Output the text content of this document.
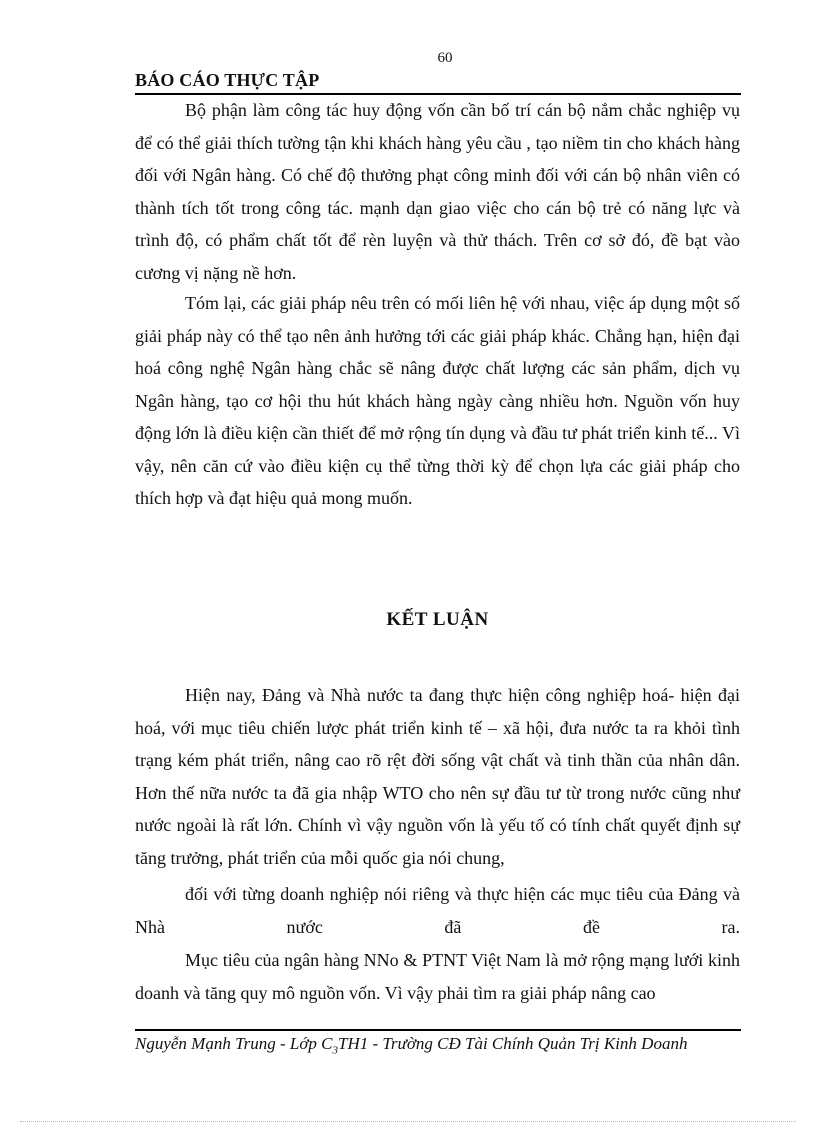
60
BÁO CÁO THỰC TẬP

Bộ phận làm công tác huy động vốn cần bố trí cán bộ nắm chắc nghiệp vụ để có thể giải thích tường tận khi khách hàng yêu cầu , tạo niềm tin cho khách hàng đối với Ngân hàng. Có chế độ thưởng phạt công minh đối với cán bộ nhân viên có thành tích tốt trong công tác. mạnh dạn giao việc cho cán bộ trẻ có năng lực và trình độ, có phẩm chất tốt để rèn luyện và thử thách. Trên cơ sở đó, đề bạt vào cương vị nặng nề hơn.

Tóm lại, các giải pháp nêu trên có mối liên hệ với nhau, việc áp dụng một số giải pháp này có thể tạo nên ảnh hưởng tới các giải pháp khác. Chẳng hạn, hiện đại hoá công nghệ Ngân hàng chắc sẽ nâng được chất lượng các sản phẩm, dịch vụ Ngân hàng, tạo cơ hội thu hút khách hàng ngày càng nhiều hơn. Nguồn vốn huy động lớn là điều kiện cần thiết để mở rộng tín dụng và đầu tư phát triển kinh tế... Vì vậy, nên căn cứ vào điều kiện cụ thể từng thời kỳ để chọn lựa các giải pháp cho thích hợp và đạt hiệu quả mong muốn.

KẾT LUẬN

Hiện nay, Đảng và Nhà nước ta đang thực hiện công nghiệp hoá- hiện đại hoá, với mục tiêu chiến lược phát triển kinh tế – xã hội, đưa nước ta ra khỏi tình trạng kém phát triển, nâng cao rõ rệt đời sống vật chất và tinh thần của nhân dân. Hơn thế nữa nước ta đã gia nhập WTO cho nên sự đầu tư từ trong nước cũng như nước ngoài là rất lớn. Chính vì vậy nguồn vốn là yếu tố có tính chất quyết định sự tăng trưởng, phát triển của mỗi quốc gia nói chung,

đối với từng doanh nghiệp nói riêng và thực hiện các mục tiêu của Đảng và Nhà nước đã đề ra.

Mục tiêu của ngân hàng NNo & PTNT Việt Nam là mở rộng mạng lưới kinh doanh và tăng quy mô nguồn vốn. Vì vậy phải tìm ra giải pháp nâng cao

Nguyễn Mạnh Trung - Lớp $C_3TH1$ - Trường CĐ Tài Chính Quản Trị Kinh Doanh
